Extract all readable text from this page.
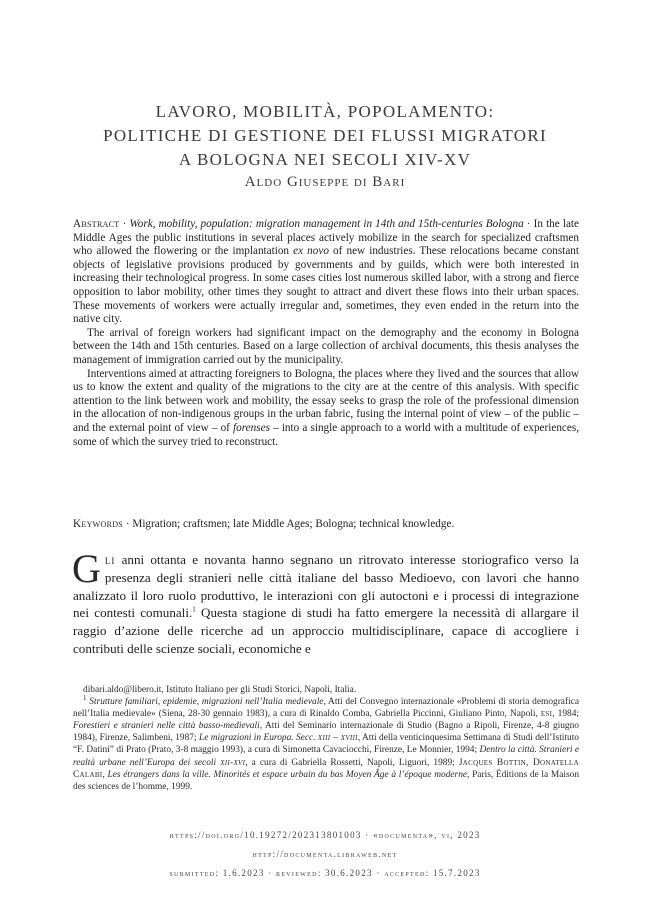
LAVORO, MOBILITÀ, POPOLAMENTO:
POLITICHE DI GESTIONE DEI FLUSSI MIGRATORI
A BOLOGNA NEI SECOLI XIV-XV
Aldo Giuseppe di Bari

Abstract · Work, mobility, population: migration management in 14th and 15th-centuries Bologna · In the late Middle Ages the public institutions in several places actively mobilize in the search for specialized craftsmen who allowed the flowering or the implantation ex novo of new industries. These relocations became constant objects of legislative provisions produced by governments and by guilds, which were both interested in increasing their technological progress. In some cases cities lost numerous skilled labor, with a strong and fierce opposition to labor mobility, other times they sought to attract and divert these flows into their urban spaces. These movements of workers were actually irregular and, sometimes, they even ended in the return into the native city.

The arrival of foreign workers had significant impact on the demography and the economy in Bologna between the 14th and 15th centuries. Based on a large collection of archival documents, this thesis analyses the management of immigration carried out by the municipality.

Interventions aimed at attracting foreigners to Bologna, the places where they lived and the sources that allow us to know the extent and quality of the migrations to the city are at the centre of this analysis. With specific attention to the link between work and mobility, the essay seeks to grasp the role of the professional dimension in the allocation of non-indigenous groups in the urban fabric, fusing the internal point of view – of the public – and the external point of view – of forenses – into a single approach to a world with a multitude of experiences, some of which the survey tried to reconstruct.

Keywords · Migration; craftsmen; late Middle Ages; Bologna; technical knowledge.

Gli anni ottanta e novanta hanno segnano un ritrovato interesse storiografico verso la presenza degli stranieri nelle città italiane del basso Medioevo, con lavori che hanno analizzato il loro ruolo produttivo, le interazioni con gli autoctoni e i processi di integrazione nei contesti comunali.$^1$ Questa stagione di studi ha fatto emergere la necessità di allargare il raggio d’azione delle ricerche ad un approccio multidisciplinare, capace di accogliere i contributi delle scienze sociali, economiche e

dibari.aldo@libero.it, Istituto Italiano per gli Studi Storici, Napoli, Italia.

$^1$ Strutture familiari, epidemie, migrazioni nell’Italia medievale, Atti del Convegno internazionale «Problemi di storia demografica nell’Italia medievale» (Siena, 28-30 gennaio 1983), a cura di Rinaldo Comba, Gabriella Piccinni, Giuliano Pinto, Napoli, esi, 1984; Forestieri e stranieri nelle città basso-medievali, Atti del Seminario internazionale di Studio (Bagno a Ripoli, Firenze, 4-8 giugno 1984), Firenze, Salimbeni, 1987; Le migrazioni in Europa. Secc. xiii – xviii, Atti della venticinquesima Settimana di Studi dell’Istituto “F. Datini” di Prato (Prato, 3-8 maggio 1993), a cura di Simonetta Cavaciocchi, Firenze, Le Monnier, 1994; Dentro la città. Stranieri e realtà urbane nell’Europa dei secoli xii-xvi, a cura di Gabriella Rossetti, Napoli, Liguori, 1989; Jacques Bottin, Donatella Calabi, Les étrangers dans la ville. Minorités et espace urbain du bas Moyen Âge à l’époque moderne, Paris, Éditions de la Maison des sciences de l’homme, 1999.

https://doi.org/10.19272/202313801003 · «documenta», vi, 2023
http://documenta.libraweb.net
submitted: 1.6.2023 · reviewed: 30.6.2023 · accepted: 15.7.2023
